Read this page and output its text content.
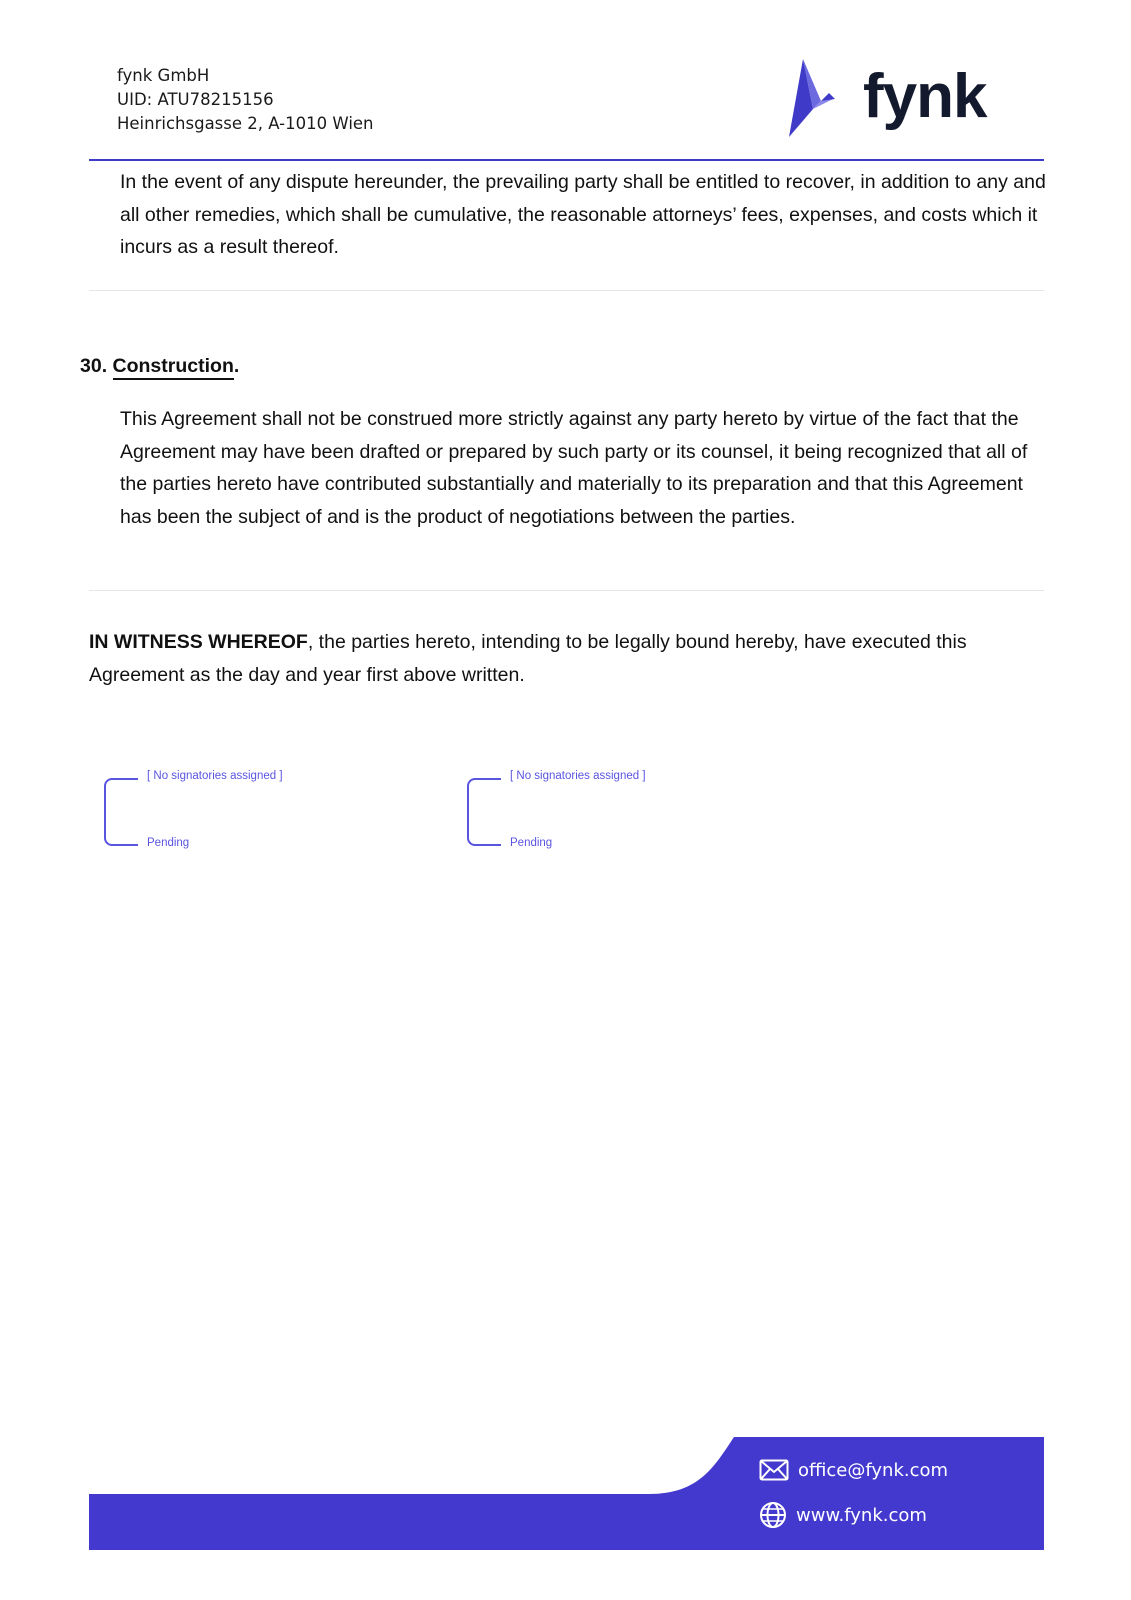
fynk GmbH
UID: ATU78215156
Heinrichsgasse 2, A-1010 Wien	fynk
In the event of any dispute hereunder, the prevailing party shall be entitled to recover, in addition to any and all other remedies, which shall be cumulative, the reasonable attorneys’ fees, expenses, and costs which it incurs as a result thereof.
30. Construction.
This Agreement shall not be construed more strictly against any party hereto by virtue of the fact that the Agreement may have been drafted or prepared by such party or its counsel, it being recognized that all of the parties hereto have contributed substantially and materially to its preparation and that this Agreement has been the subject of and is the product of negotiations between the parties.
IN WITNESS WHEREOF, the parties hereto, intending to be legally bound hereby, have executed this Agreement as the day and year first above written.
[ No signatories assigned ]
Pending
[ No signatories assigned ]
Pending
office@fynk.com
www.fynk.com
